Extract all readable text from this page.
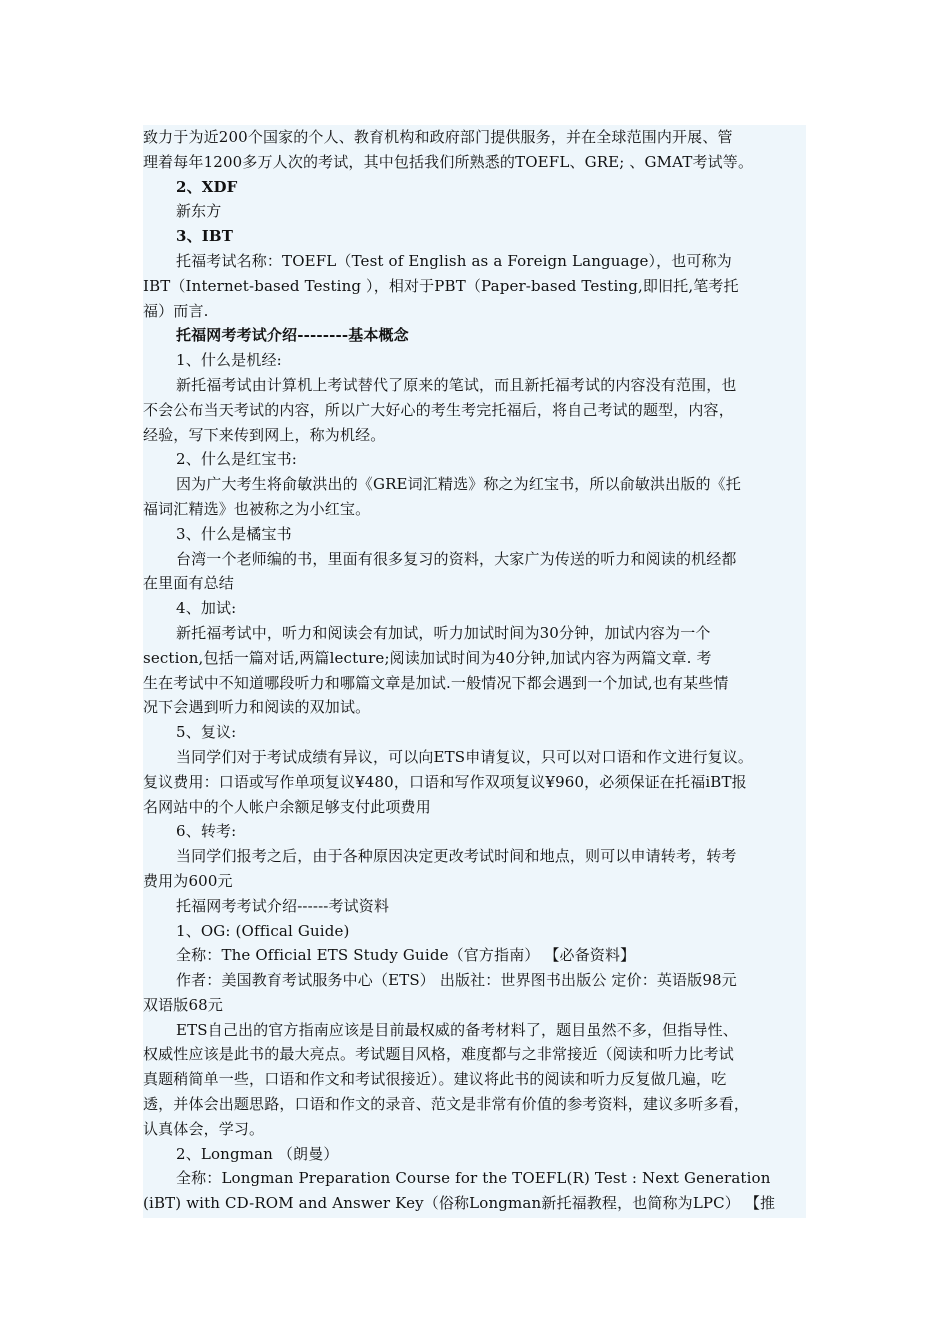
致力于为近200个国家的个人、教育机构和政府部门提供服务，并在全球范围内开展、管
理着每年1200多万人次的考试，其中包括我们所熟悉的TOEFL、GRE; 、GMAT考试等。
2、XDF
新东方
3、IBT
托福考试名称：TOEFL（Test of English as a Foreign Language），也可称为
IBT（Internet-based Testing ），相对于PBT（Paper-based Testing,即旧托,笔考托
福）而言.
托福网考考试介绍--------基本概念
1、什么是机经:
新托福考试由计算机上考试替代了原来的笔试，而且新托福考试的内容没有范围，也
不会公布当天考试的内容，所以广大好心的考生考完托福后，将自己考试的题型，内容，
经验，写下来传到网上，称为机经。
2、什么是红宝书:
因为广大考生将俞敏洪出的《GRE词汇精选》称之为红宝书，所以俞敏洪出版的《托
福词汇精选》也被称之为小红宝。
3、什么是橘宝书
台湾一个老师编的书，里面有很多复习的资料，大家广为传送的听力和阅读的机经都
在里面有总结
4、加试:
新托福考试中，听力和阅读会有加试，听力加试时间为30分钟，加试内容为一个
section,包括一篇对话,两篇lecture;阅读加试时间为40分钟,加试内容为两篇文章. 考
生在考试中不知道哪段听力和哪篇文章是加试.一般情况下都会遇到一个加试,也有某些情
况下会遇到听力和阅读的双加试。
5、复议:
当同学们对于考试成绩有异议，可以向ETS申请复议，只可以对口语和作文进行复议。
复议费用：口语或写作单项复议¥480，口语和写作双项复议¥960，必须保证在托福iBT报
名网站中的个人帐户余额足够支付此项费用
6、转考:
当同学们报考之后，由于各种原因决定更改考试时间和地点，则可以申请转考，转考
费用为600元
托福网考考试介绍------考试资料
1、OG: (Offical Guide)
全称：The Official ETS Study Guide（官方指南） 【必备资料】
作者：美国教育考试服务中心（ETS） 出版社：世界图书出版公 定价：英语版98元
双语版68元
ETS自己出的官方指南应该是目前最权威的备考材料了，题目虽然不多，但指导性、
权威性应该是此书的最大亮点。考试题目风格，难度都与之非常接近（阅读和听力比考试
真题稍简单一些，口语和作文和考试很接近）。建议将此书的阅读和听力反复做几遍，吃
透，并体会出题思路，口语和作文的录音、范文是非常有价值的参考资料，建议多听多看，
认真体会，学习。
2、Longman （朗曼）
全称：Longman Preparation Course for the TOEFL(R) Test : Next Generation
(iBT) with CD-ROM and Answer Key（俗称Longman新托福教程，也简称为LPC） 【推
